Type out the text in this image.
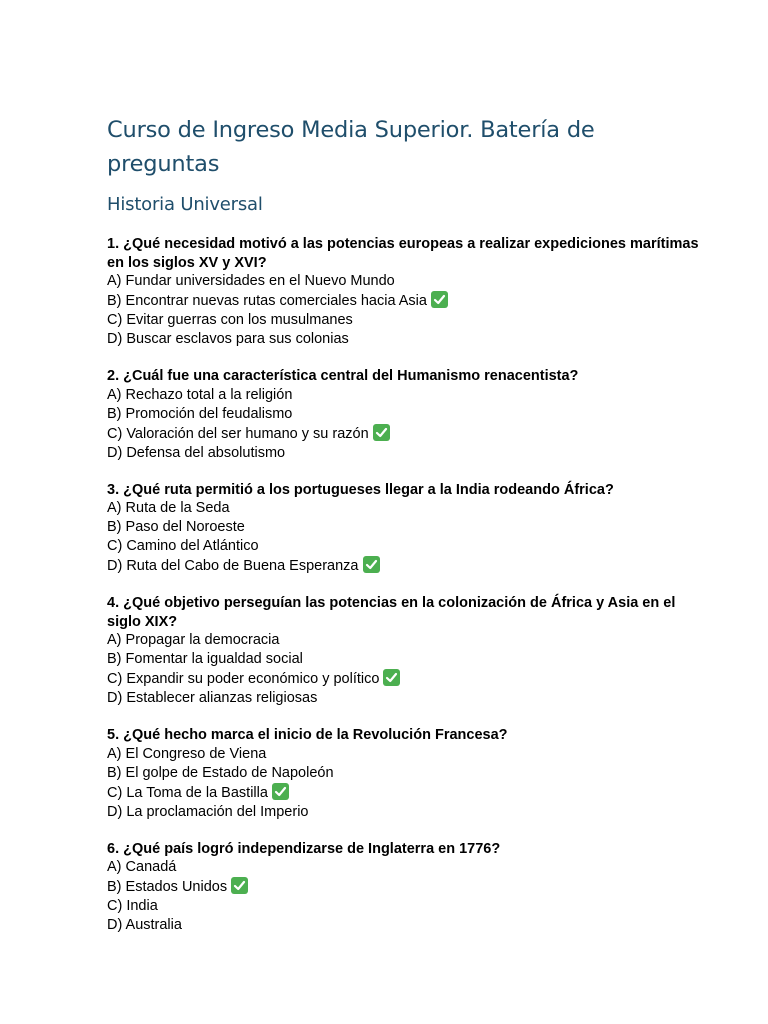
Curso de Ingreso Media Superior. Batería de preguntas
Historia Universal

1. ¿Qué necesidad motivó a las potencias europeas a realizar expediciones marítimas en los siglos XV y XVI?

A) Fundar universidades en el Nuevo Mundo
B) Encontrar nuevas rutas comerciales hacia Asia
C) Evitar guerras con los musulmanes
D) Buscar esclavos para sus colonias

2. ¿Cuál fue una característica central del Humanismo renacentista?

A) Rechazo total a la religión
B) Promoción del feudalismo
C) Valoración del ser humano y su razón
D) Defensa del absolutismo

3. ¿Qué ruta permitió a los portugueses llegar a la India rodeando África?

A) Ruta de la Seda
B) Paso del Noroeste
C) Camino del Atlántico
D) Ruta del Cabo de Buena Esperanza

4. ¿Qué objetivo perseguían las potencias en la colonización de África y Asia en el siglo XIX?

A) Propagar la democracia
B) Fomentar la igualdad social
C) Expandir su poder económico y político
D) Establecer alianzas religiosas

5. ¿Qué hecho marca el inicio de la Revolución Francesa?

A) El Congreso de Viena
B) El golpe de Estado de Napoleón
C) La Toma de la Bastilla
D) La proclamación del Imperio

6. ¿Qué país logró independizarse de Inglaterra en 1776?

A) Canadá
B) Estados Unidos
C) India
D) Australia
